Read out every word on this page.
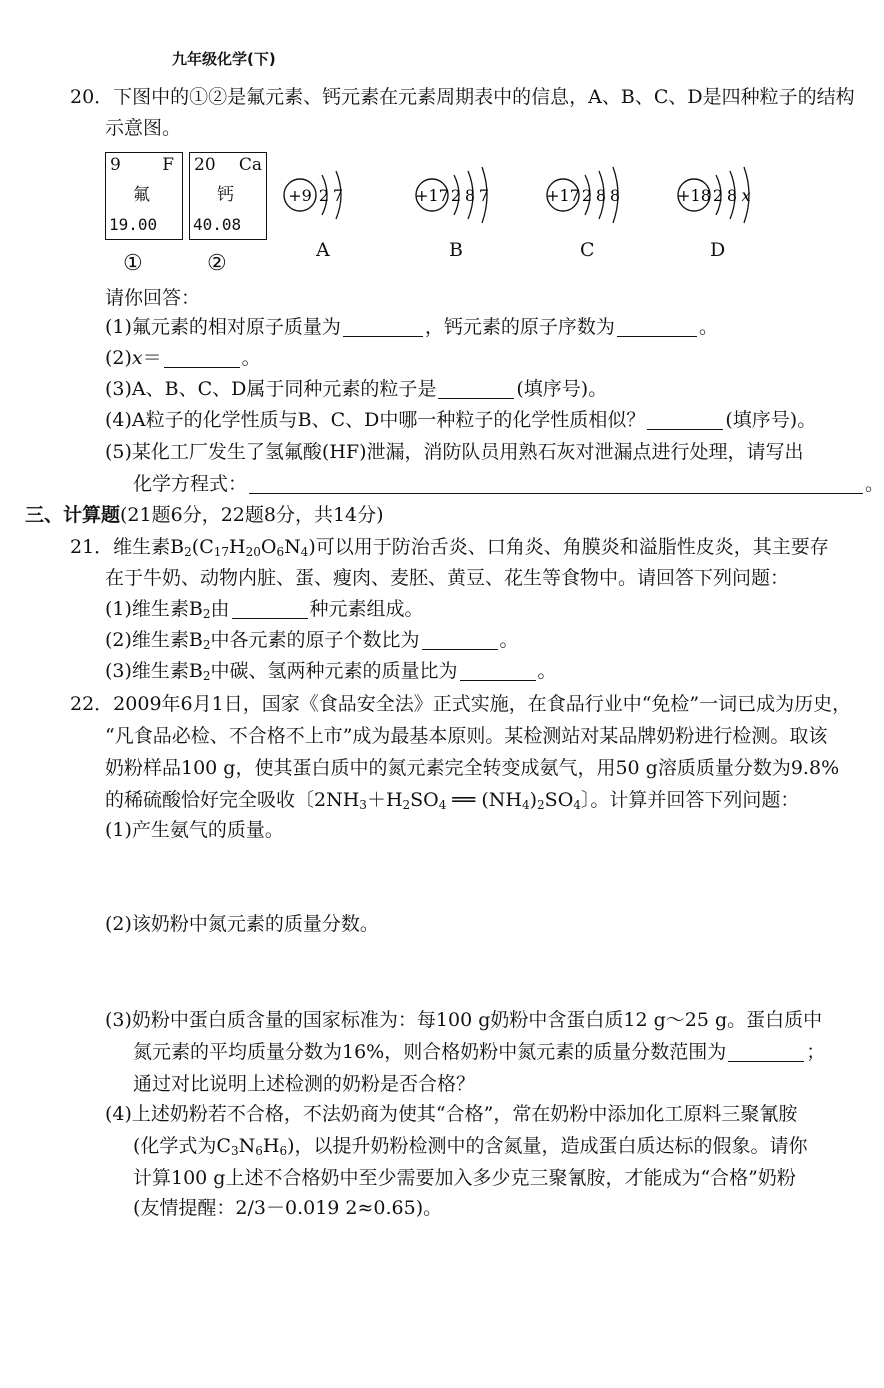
九年级化学(下)
20．下图中的①②是氟元素、钙元素在元素周期表中的信息，A、B、C、D是四种粒子的结构
示意图。
9 F
氟
19.00
20 Ca
钙
40.08
①	②
+9 2 7	+17 2 8 7	+17 2 8 8	+18 2 8 x
A	B	C	D
请你回答：
(1)氟元素的相对原子质量为	，钙元素的原子序数为	。
(2)x＝	。
(3)A、B、C、D属于同种元素的粒子是	(填序号)。
(4)A粒子的化学性质与B、C、D中哪一种粒子的化学性质相似？	(填序号)。
(5)某化工厂发生了氢氟酸(HF)泄漏，消防队员用熟石灰对泄漏点进行处理，请写出
化学方程式：	。
三、计算题(21题6分，22题8分，共14分)
21．维生素$B_2(C_{17}H_{20}O_6N_4)$可以用于防治舌炎、口角炎、角膜炎和溢脂性皮炎，其主要存
在于牛奶、动物内脏、蛋、瘦肉、麦胚、黄豆、花生等食物中。请回答下列问题：
(1)维生素$B_2$由	种元素组成。
(2)维生素$B_2$中各元素的原子个数比为	。
(3)维生素$B_2$中碳、氢两种元素的质量比为	。
22．2009年6月1日，国家《食品安全法》正式实施，在食品行业中“免检”一词已成为历史，
“凡食品必检、不合格不上市”成为最基本原则。某检测站对某品牌奶粉进行检测。取该
奶粉样品100 g，使其蛋白质中的氮元素完全转变成氨气，用50 g溶质质量分数为9.8%
的稀硫酸恰好完全吸收〔$2NH_3+H_2SO_4$ ══ $(NH_4)_2SO_4$〕。计算并回答下列问题：
(1)产生氨气的质量。
(2)该奶粉中氮元素的质量分数。
(3)奶粉中蛋白质含量的国家标准为：每100 g奶粉中含蛋白质12 g～25 g。蛋白质中
氮元素的平均质量分数为16%，则合格奶粉中氮元素的质量分数范围为	；
通过对比说明上述检测的奶粉是否合格？
(4)上述奶粉若不合格，不法奶商为使其“合格”，常在奶粉中添加化工原料三聚氰胺
(化学式为$C_3N_6H_6$)，以提升奶粉检测中的含氮量，造成蛋白质达标的假象。请你
计算100 g上述不合格奶中至少需要加入多少克三聚氰胺，才能成为“合格”奶粉
(友情提醒：2/3－0.019 2≈0.65)。
